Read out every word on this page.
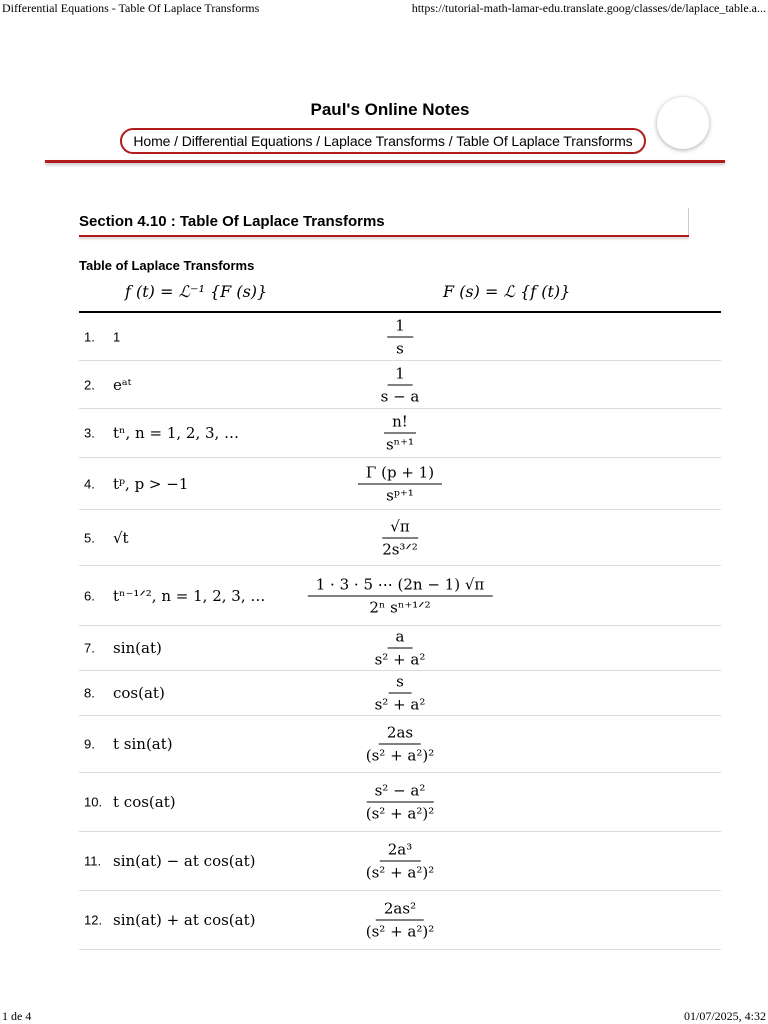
Differential Equations - Table Of Laplace Transforms	https://tutorial-math-lamar-edu.translate.goog/classes/de/laplace_table.a...
Paul's Online Notes
Home / Differential Equations / Laplace Transforms / Table Of Laplace Transforms
Section 4.10 : Table Of Laplace Transforms
Table of Laplace Transforms
f (t) = ℒ⁻¹ {F (s)}	F (s) = ℒ {f (t)}
1. 1	$\frac{1}{s}$
2. eᵃᵗ	$\frac{1}{s - a}$
3. tⁿ, n = 1, 2, 3, …	$\frac{n!}{\text{sⁿ⁺¹}}$
4. tᵖ, p > −1	$\frac{\Gamma (p + 1)}{\text{sᵖ⁺¹}}$
5. √t	$\frac{√\pi}{\text{2s³ᐟ²}}$
6. tⁿ⁻¹ᐟ², n = 1, 2, 3, …	$\frac{1 \cdot 3 \cdot 5 \cdots (2n - 1) √\pi}{\text{2ⁿ sⁿ⁺¹ᐟ²}}$
7. sin(at)	$\frac{a}{\text{s² + a²}}$
8. cos(at)	$\frac{s}{\text{s² + a²}}$
9. t sin(at)	$\frac{2as}{\text{(s² + a²)²}}$
10. t cos(at)	$\frac{\text{s² − a²}}{\text{(s² + a²)²}}$
11. sin(at) − at cos(at)	$\frac{\text{2a³}}{\text{(s² + a²)²}}$
12. sin(at) + at cos(at)	$\frac{\text{2as²}}{\text{(s² + a²)²}}$
1 de 4	01/07/2025, 4:32
